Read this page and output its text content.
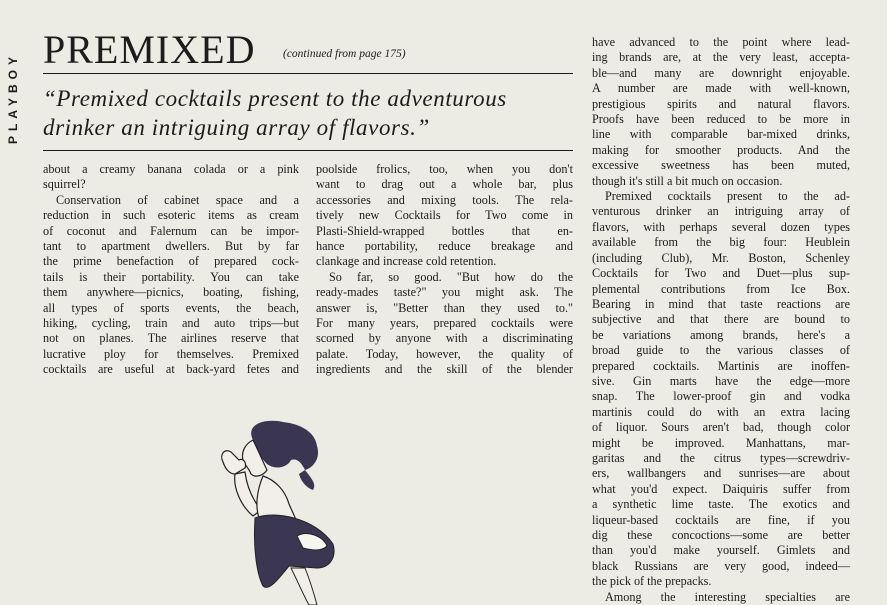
PLAYBOY
PREMIXED (continued from page 175)
“Premixed cocktails present to the adventurous drinker an intriguing array of flavors.”

about a creamy banana colada or a pink

squirrel?

Conservation of cabinet space and a

reduction in such esoteric items as cream

of coconut and Falernum can be impor-

tant to apartment dwellers. But by far

the prime benefaction of prepared cock-

tails is their portability. You can take

them anywhere—picnics, boating, fishing,

all types of sports events, the beach,

hiking, cycling, train and auto trips—but

not on planes. The airlines reserve that

lucrative ploy for themselves. Premixed

cocktails are useful at back-yard fetes and

poolside frolics, too, when you don't

want to drag out a whole bar, plus

accessories and mixing tools. The rela-

tively new Cocktails for Two come in

Plasti-Shield-wrapped bottles that en-

hance portability, reduce breakage and

clankage and increase cold retention.

So far, so good. "But how do the

ready-mades taste?" you might ask. The

answer is, "Better than they used to."

For many years, prepared cocktails were

scorned by anyone with a discriminating

palate. Today, however, the quality of

ingredients and the skill of the blender

have advanced to the point where lead-

ing brands are, at the very least, accepta-

ble—and many are downright enjoyable.

A number are made with well-known,

prestigious spirits and natural flavors.

Proofs have been reduced to be more in

line with comparable bar-mixed drinks,

making for smoother products. And the

excessive sweetness has been muted,

though it's still a bit much on occasion.

Premixed cocktails present to the ad-

venturous drinker an intriguing array of

flavors, with perhaps several dozen types

available from the big four: Heublein

(including Club), Mr. Boston, Schenley

Cocktails for Two and Duet—plus sup-

plemental contributions from Ice Box.

Bearing in mind that taste reactions are

subjective and that there are bound to

be variations among brands, here's a

broad guide to the various classes of

prepared cocktails. Martinis are inoffen-

sive. Gin marts have the edge—more

snap. The lower-proof gin and vodka

martinis could do with an extra lacing

of liquor. Sours aren't bad, though color

might be improved. Manhattans, mar-

garitas and the citrus types—screwdriv-

ers, wallbangers and sunrises—are about

what you'd expect. Daiquiris suffer from

a synthetic lime taste. The exotics and

liqueur-based cocktails are fine, if you

dig these concoctions—some are better

than you'd make yourself. Gimlets and

black Russians are very good, indeed—

the pick of the prepacks.

Among the interesting specialties are
